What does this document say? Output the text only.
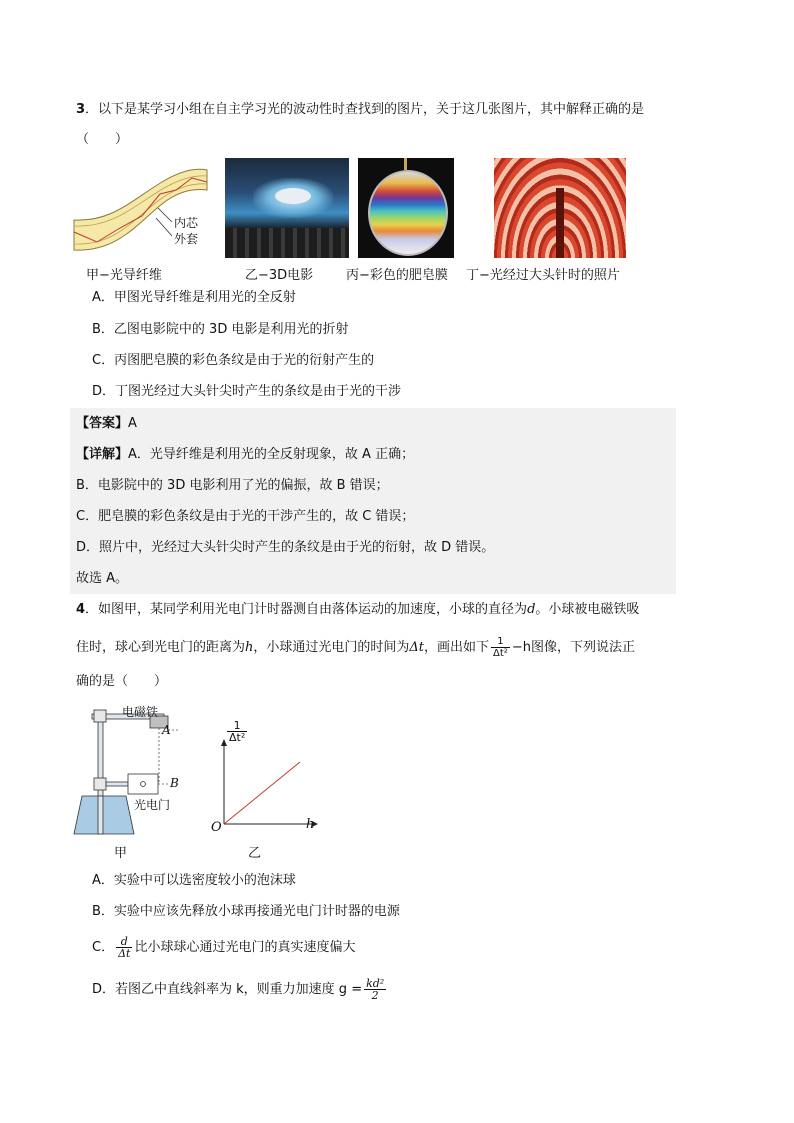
3．以下是某学习小组在自主学习光的波动性时查找到的图片，关于这几张图片，其中解释正确的是
（　　）
内芯
外套
甲−光导纤维	乙−3D电影	丙−彩色的肥皂膜 丁−光经过大头针时的照片
A．甲图光导纤维是利用光的全反射
B．乙图电影院中的 3D 电影是利用光的折射
C．丙图肥皂膜的彩色条纹是由于光的衍射产生的
D．丁图光经过大头针尖时产生的条纹是由于光的干涉
【答案】A
【详解】A．光导纤维是利用光的全反射现象，故 A 正确；
B．电影院中的 3D 电影利用了光的偏振，故 B 错误；
C．肥皂膜的彩色条纹是由于光的干涉产生的，故 C 错误；
D．照片中，光经过大头针尖时产生的条纹是由于光的衍射，故 D 错误。
故选 A。
4．如图甲，某同学利用光电门计时器测自由落体运动的加速度，小球的直径为d。小球被电磁铁吸
住时，球心到光电门的距离为h，小球通过光电门的时间为Δt，画出如下 $\frac{1}{\text{Δt²}} -h$图像，下列说法正
确的是（　　）
电磁铁
A
B
光电门
甲
$\frac{1}{\text{Δt²}}$
O	h
乙
A．实验中可以选密度较小的泡沫球
B．实验中应该先释放小球再接通光电门计时器的电源
C． $\frac{d}{\Delta t}$ 比小球球心通过光电门的真实速度偏大
D．若图乙中直线斜率为 k，则重力加速度 $g = \frac{\text{kd²}}{2}$
